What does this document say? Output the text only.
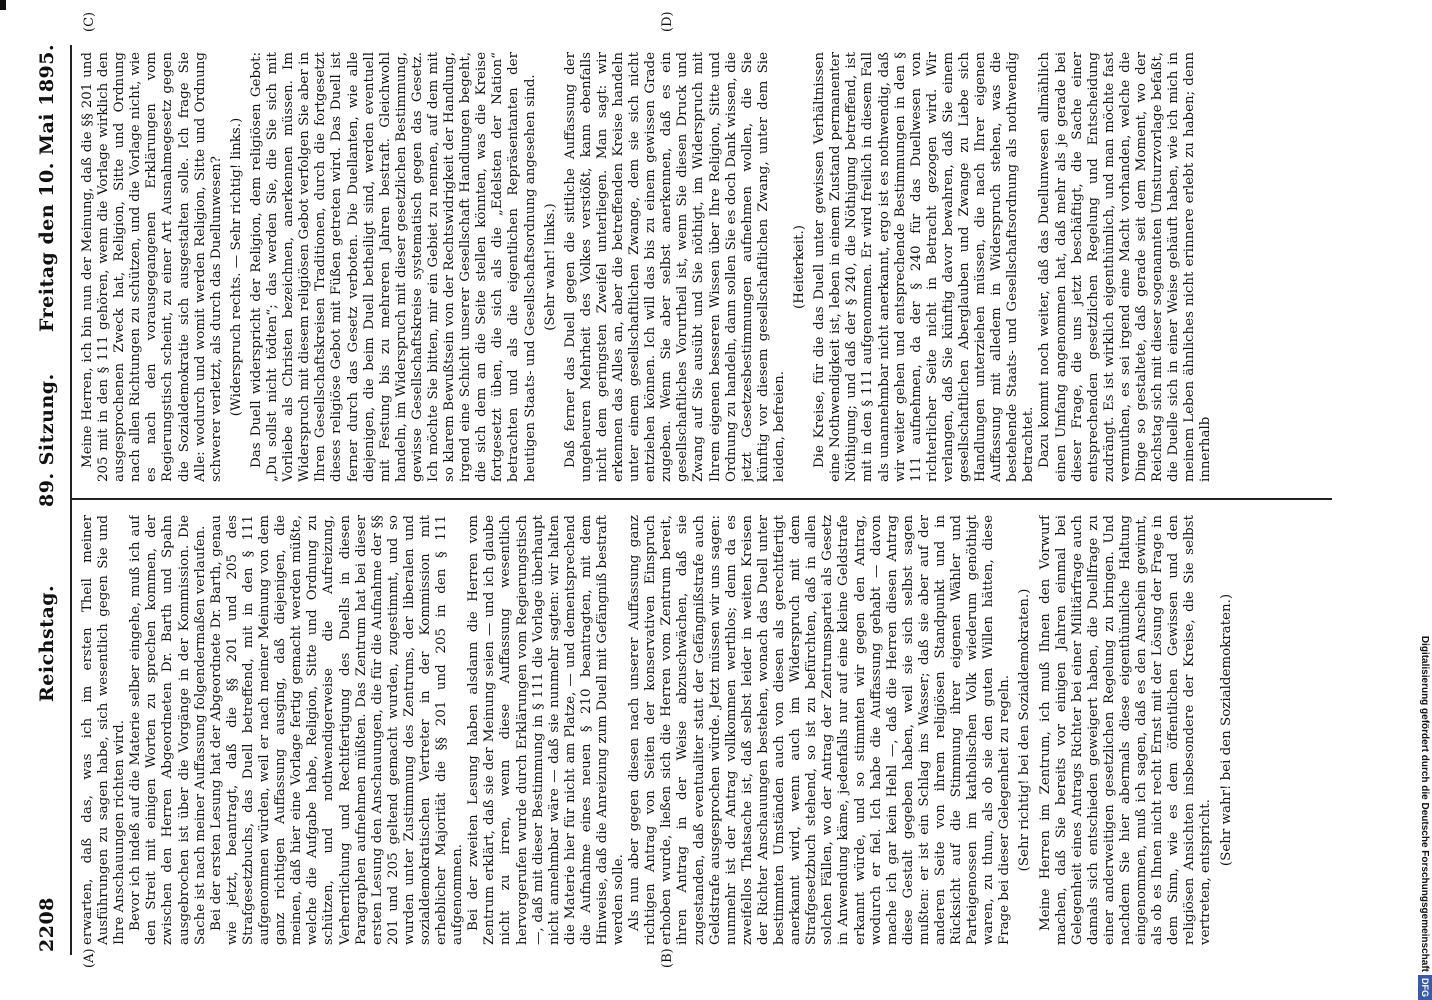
2208
Reichstag.
89. Sitzung.
Freitag den 10. Mai 1895.
(A)	(B)
(C)	(D)

erwarten, daß das, was ich im ersten Theil meiner Ausführungen zu sagen habe, sich wesentlich gegen Sie und Ihre Anschauungen richten wird. Bevor ich indeß auf die Materie selber eingehe, muß ich auf den Streit mit einigen Worten zu sprechen kommen, der zwischen den Herren Abgeordneten Dr. Barth und Spahn ausgebrochen ist über die Vorgänge in der Kommission. Die Sache ist nach meiner Auffassung folgendermaßen verlaufen. Bei der ersten Lesung hat der Abgeordnete Dr. Barth, genau wie jetzt, beantragt, daß die §§ 201 und 205 des Strafgesetzbuchs, das Duell betreffend, mit in den § 111 aufgenommen würden, weil er nach meiner Meinung von dem ganz richtigen Auffassung ausging, daß diejenigen, die meinen, daß hier eine Vorlage fertig gemacht werden müßte, welche die Aufgabe habe, Religion, Sitte und Ordnung zu schützen, und nothwendigerweise die Aufreizung, Verherrlichung und Rechtfertigung des Duells in diesen Paragraphen aufnehmen müßten. Das Zentrum hat bei dieser ersten Lesung den Anschauungen, die für die Aufnahme der §§ 201 und 205 geltend gemacht wurden, zugestimmt, und so wurden unter Zustimmung des Zentrums, der liberalen und sozialdemokratischen Vertreter in der Kommission mit erheblicher Majorität die §§ 201 und 205 in den § 111 aufgenommen. Bei der zweiten Lesung haben alsdann die Herren vom Zentrum erklärt, daß sie der Meinung seien — und ich glaube nicht zu irren, wenn diese Auffassung wesentlich hervorgerufen wurde durch Erklärungen vom Regierungstisch —, daß mit dieser Bestimmung in § 111 die Vorlage überhaupt nicht annehmbar wäre — daß sie nunmehr sagten: wir halten die Materie hier für nicht am Platze, — und dementsprechend die Aufnahme eines neuen § 210 beantragten, mit dem Hinweise, daß die Anreizung zum Duell mit Gefängniß bestraft werden solle. Als nun aber gegen diesen nach unserer Auffassung ganz richtigen Antrag von Seiten der konservativen Einspruch erhoben wurde, ließen sich die Herren vom Zentrum bereit, ihren Antrag in der Weise abzuschwächen, daß sie zugestanden, daß eventualiter statt der Gefängnißstrafe auch Geldstrafe ausgesprochen würde. Jetzt müssen wir uns sagen: nunmehr ist der Antrag vollkommen werthlos; denn da es zweifellos Thatsache ist, daß selbst leider in weiten Kreisen der Richter Anschauungen bestehen, wonach das Duell unter bestimmten Umständen auch von diesen als gerechtfertigt anerkannt wird, wenn auch im Widerspruch mit dem Strafgesetzbuch stehend, so ist zu befürchten, daß in allen solchen Fällen, wo der Antrag der Zentrumspartei als Gesetz in Anwendung käme, jedenfalls nur auf eine kleine Geldstrafe erkannt würde, und so stimmten wir gegen den Antrag, wodurch er fiel. Ich habe die Auffassung gehabt — davon mache ich gar kein Hehl —, daß die Herren diesen Antrag diese Gestalt gegeben haben, weil sie sich selbst sagen mußten: er ist ein Schlag ins Wasser; daß sie aber auf der anderen Seite von ihrem religiösen Standpunkt und in Rücksicht auf die Stimmung ihrer eigenen Wähler und Parteigenossen im katholischen Volk wiederum genöthigt waren, zu thun, als ob sie den guten Willen hätten, diese Frage bei dieser Gelegenheit zu regeln. (Sehr richtig! bei den Sozialdemokraten.) Meine Herren im Zentrum, ich muß Ihnen den Vorwurf machen, daß Sie bereits vor einigen Jahren einmal bei Gelegenheit eines Antrags Richter bei einer Militärfrage auch damals sich entschieden geweigert haben, die Duellfrage zu einer anderweitigen gesetzlichen Regelung zu bringen. Und nachdem Sie hier abermals diese eigenthümliche Haltung eingenommen, muß ich sagen, daß es den Anschein gewinnt, als ob es Ihnen nicht recht Ernst mit der Lösung der Frage in dem Sinn, wie es dem öffentlichen Gewissen und den religiösen Ansichten insbesondere der Kreise, die Sie selbst vertreten, entspricht.

(Sehr wahr! bei den Sozialdemokraten.)

Meine Herren, ich bin nun der Meinung, daß die §§ 201 und 205 mit in den § 111 gehören, wenn die Vorlage wirklich den ausgesprochenen Zweck hat, Religion, Sitte und Ordnung nach allen Richtungen zu schützen, und die Vorlage nicht, wie es nach den vorausgegangenen Erklärungen vom Regierungstisch scheint, zu einer Art Ausnahmegesetz gegen die Sozialdemokratie sich ausgestalten solle. Ich frage Sie Alle: wodurch und womit werden Religion, Sitte und Ordnung schwerer verletzt, als durch das Duellunwesen? (Widerspruch rechts. — Sehr richtig! links.) Das Duell widerspricht der Religion, dem religiösen Gebot: „Du sollst nicht tödten“; das werden Sie, die Sie sich mit Vorliebe als Christen bezeichnen, anerkennen müssen. Im Widerspruch mit diesem religiösen Gebot verfolgen Sie aber in Ihren Gesellschaftskreisen Traditionen, durch die fortgesetzt dieses religiöse Gebot mit Füßen getreten wird. Das Duell ist ferner durch das Gesetz verboten. Die Duellanten, wie alle diejenigen, die beim Duell betheiligt sind, werden eventuell mit Festung bis zu mehreren Jahren bestraft. Gleichwohl handeln, im Widerspruch mit dieser gesetzlichen Bestimmung, gewisse Gesellschaftskreise systematisch gegen das Gesetz. Ich möchte Sie bitten, mir ein Gebiet zu nennen, auf dem mit so klarem Bewußtsein von der Rechtswidrigkeit der Handlung, irgend eine Schicht unserer Gesellschaft Handlungen begeht, die sich dem an die Seite stellen könnten, was die Kreise fortgesetzt üben, die sich als die „Edelsten der Nation“ betrachten und als die eigentlichen Repräsentanten der heutigen Staats- und Gesellschaftsordnung angesehen sind. (Sehr wahr! links.) Daß ferner das Duell gegen die sittliche Auffassung der ungeheuren Mehrheit des Volkes verstößt, kann ebenfalls nicht dem geringsten Zweifel unterliegen. Man sagt: wir erkennen das Alles an, aber die betreffenden Kreise handeln unter einem gesellschaftlichen Zwange, dem sie sich nicht entziehen können. Ich will das bis zu einem gewissen Grade zugeben. Wenn Sie aber selbst anerkennen, daß es ein gesellschaftliches Vorurtheil ist, wenn Sie diesen Druck und Zwang auf Sie ausübt und Sie nöthigt, im Widerspruch mit Ihrem eigenen besseren Wissen über Ihre Religion, Sitte und Ordnung zu handeln, dann sollen Sie es doch Dank wissen, die jetzt Gesetzesbestimmungen aufnehmen wollen, die Sie künftig vor diesem gesellschaftlichen Zwang, unter dem Sie leiden, befreien.

(Heiterkeit.) Die Kreise, für die das Duell unter gewissen Verhältnissen eine Nothwendigkeit ist, leben in einem Zustand permanenter Nöthigung; und daß der § 240, die Nöthigung betreffend, ist mit in den § 111 aufgenommen. Er wird freilich in diesem Fall als unannehmbar nicht anerkannt, ergo ist es nothwendig, daß wir weiter gehen und entsprechende Bestimmungen in den § 111 aufnehmen, da der § 240 für das Duellwesen von richterlicher Seite nicht in Betracht gezogen wird. Wir verlangen, daß Sie künftig davor bewahren, daß Sie einem gesellschaftlichen Aberglauben und Zwange zu Liebe sich Handlungen unterziehen müssen, die nach Ihrer eigenen Auffassung mit alledem in Widerspruch stehen, was die bestehende Staats- und Gesellschaftsordnung als nothwendig betrachtet. Dazu kommt noch weiter, daß das Duellunwesen allmählich einen Umfang angenommen hat, daß mehr als je gerade bei dieser Frage, die uns jetzt beschäftigt, die Sache einer entsprechenden gesetzlichen Regelung und Entscheidung zudrängt. Es ist wirklich eigenthümlich, und man möchte fast vermuthen, es sei irgend eine Macht vorhanden, welche die Dinge so gestaltete, daß gerade seit dem Moment, wo der Reichstag sich mit dieser sogenannten Umsturzvorlage befaßt, die Duelle sich in einer Weise gehäuft haben, wie ich mich in meinem Leben ähnliches nicht erinnere erlebt zu haben; denn innerhalb

Digitalisierung gefördert durch die Deutsche ForschungsgemeinschaftDFG
